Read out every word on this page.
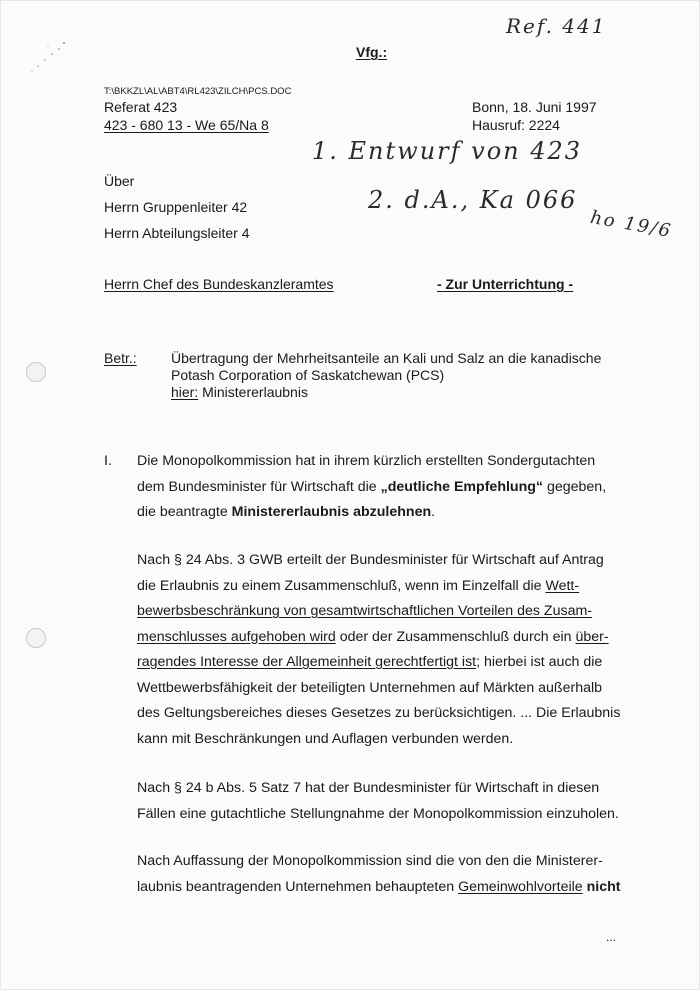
Ref. 441
1. Entwurf von 423
2. d.A., Ka 066
ho 19/6
Vfg.:
T:\BKKZL\AL\ABT4\RL423\ZILCH\PCS.DOC
Referat 423
423 - 680 13 - We 65/Na 8
Bonn, 18. Juni 1997
Hausruf: 2224
Über
Herrn Gruppenleiter 42
Herrn Abteilungsleiter 4
Herrn Chef des Bundeskanzleramtes	- Zur Unterrichtung -
Betr.: Übertragung der Mehrheitsanteile an Kali und Salz an die kanadische
Potash Corporation of Saskatchewan (PCS)
hier: Ministererlaubnis
I. Die Monopolkommission hat in ihrem kürzlich erstellten Sondergutachten
dem Bundesminister für Wirtschaft die „deutliche Empfehlung“ gegeben,
die beantragte Ministererlaubnis abzulehnen.
Nach § 24 Abs. 3 GWB erteilt der Bundesminister für Wirtschaft auf Antrag
die Erlaubnis zu einem Zusammenschluß, wenn im Einzelfall die Wett-
bewerbsbeschränkung von gesamtwirtschaftlichen Vorteilen des Zusam-
menschlusses aufgehoben wird oder der Zusammenschluß durch ein über-
ragendes Interesse der Allgemeinheit gerechtfertigt ist; hierbei ist auch die
Wettbewerbsfähigkeit der beteiligten Unternehmen auf Märkten außerhalb
des Geltungsbereiches dieses Gesetzes zu berücksichtigen. ... Die Erlaubnis
kann mit Beschränkungen und Auflagen verbunden werden.
Nach § 24 b Abs. 5 Satz 7 hat der Bundesminister für Wirtschaft in diesen
Fällen eine gutachtliche Stellungnahme der Monopolkommission einzuholen.
Nach Auffassung der Monopolkommission sind die von den die Ministerer-
laubnis beantragenden Unternehmen behaupteten Gemeinwohlvorteile nicht
...
